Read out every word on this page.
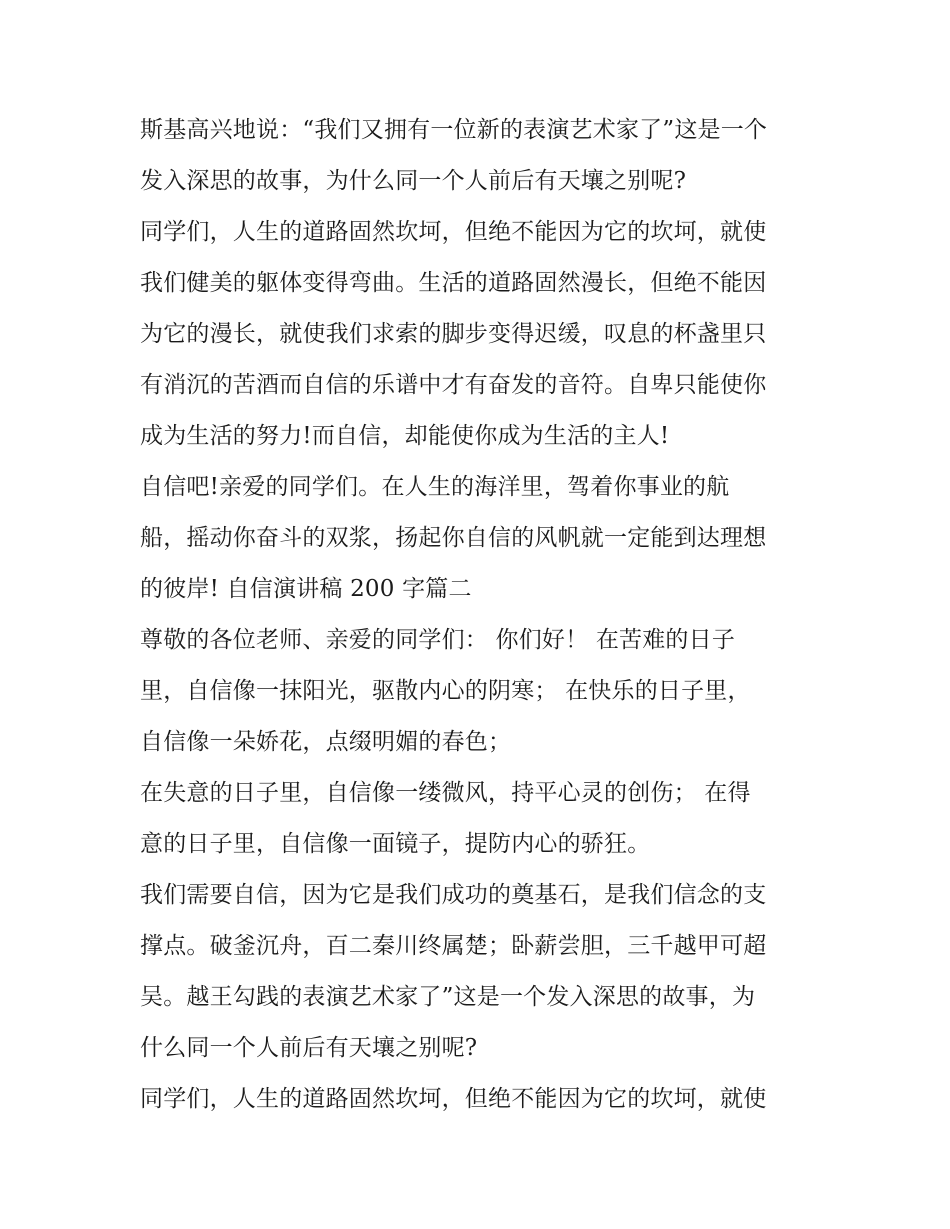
斯基高兴地说：“我们又拥有一位新的表演艺术家了”这是一个
发入深思的故事，为什么同一个人前后有天壤之别呢?
同学们，人生的道路固然坎坷，但绝不能因为它的坎坷，就使
我们健美的躯体变得弯曲。生活的道路固然漫长，但绝不能因
为它的漫长，就使我们求索的脚步变得迟缓，叹息的杯盏里只
有消沉的苦酒而自信的乐谱中才有奋发的音符。自卑只能使你
成为生活的努力!而自信，却能使你成为生活的主人!
自信吧!亲爱的同学们。在人生的海洋里，驾着你事业的航
船，摇动你奋斗的双浆，扬起你自信的风帆就一定能到达理想
的彼岸! 自信演讲稿 200 字篇二
尊敬的各位老师、亲爱的同学们： 你们好！ 在苦难的日子
里，自信像一抹阳光，驱散内心的阴寒； 在快乐的日子里，
自信像一朵娇花，点缀明媚的春色；
在失意的日子里，自信像一缕微风，持平心灵的创伤； 在得
意的日子里，自信像一面镜子，提防内心的骄狂。
我们需要自信，因为它是我们成功的奠基石，是我们信念的支
撑点。破釜沉舟，百二秦川终属楚；卧薪尝胆，三千越甲可超
吴。越王勾践的表演艺术家了”这是一个发入深思的故事，为
什么同一个人前后有天壤之别呢?
同学们，人生的道路固然坎坷，但绝不能因为它的坎坷，就使
